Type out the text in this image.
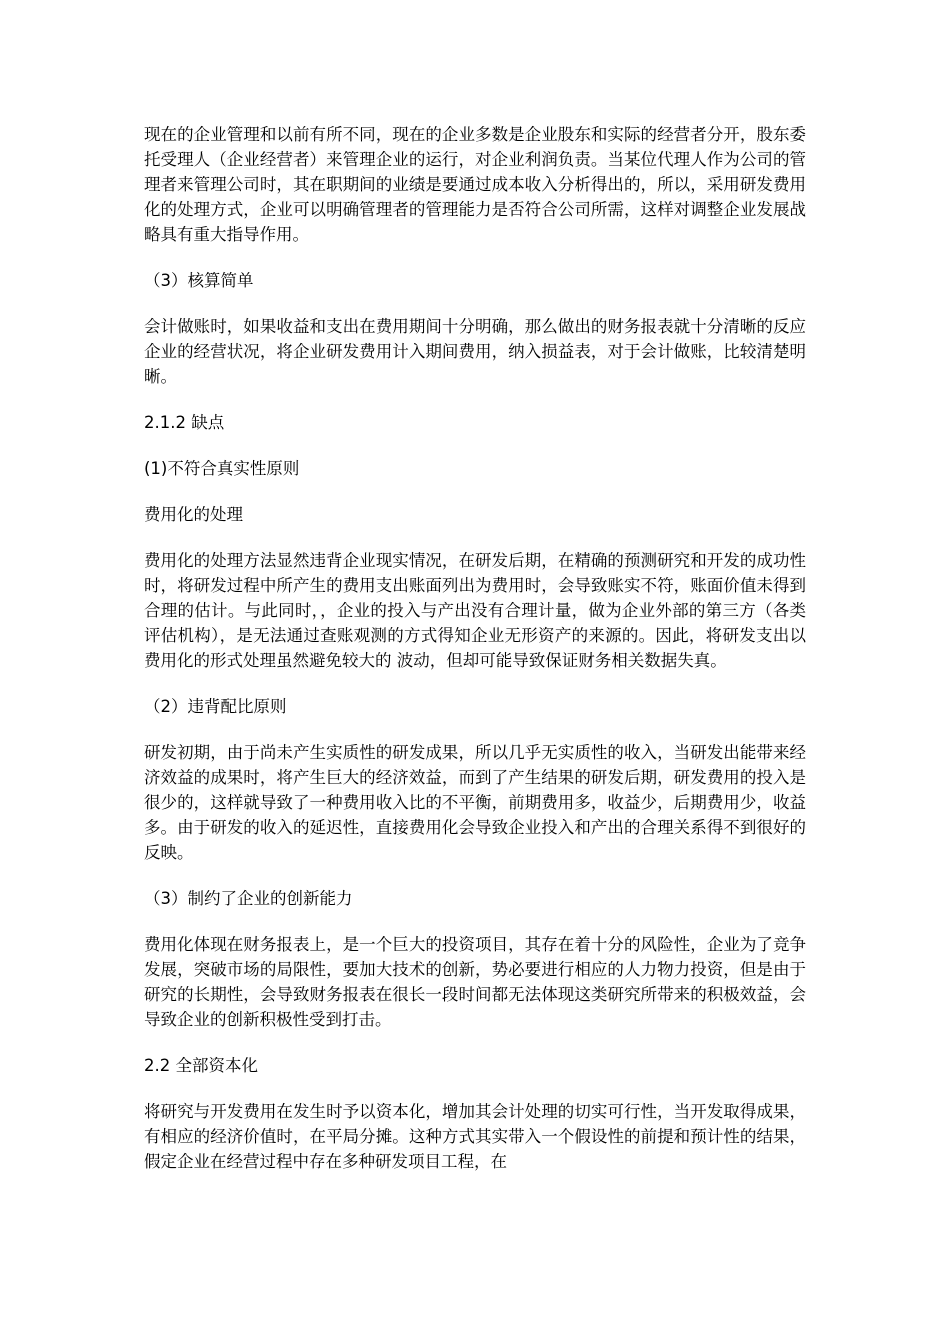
现在的企业管理和以前有所不同，现在的企业多数是企业股东和实际的经营者分开，股东委托受理人（企业经营者）来管理企业的运行，对企业利润负责。当某位代理人作为公司的管理者来管理公司时，其在职期间的业绩是要通过成本收入分析得出的，所以，采用研发费用化的处理方式，企业可以明确管理者的管理能力是否符合公司所需，这样对调整企业发展战略具有重大指导作用。

（3）核算简单

会计做账时，如果收益和支出在费用期间十分明确，那么做出的财务报表就十分清晰的反应企业的经营状况，将企业研发费用计入期间费用，纳入损益表，对于会计做账，比较清楚明晰。

2.1.2 缺点

(1)不符合真实性原则

费用化的处理

费用化的处理方法显然违背企业现实情况，在研发后期，在精确的预测研究和开发的成功性时，将研发过程中所产生的费用支出账面列出为费用时，会导致账实不符，账面价值未得到合理的估计。与此同时，，企业的投入与产出没有合理计量，做为企业外部的第三方（各类评估机构），是无法通过查账观测的方式得知企业无形资产的来源的。因此，将研发支出以费用化的形式处理虽然避免较大的 波动，但却可能导致保证财务相关数据失真。

（2）违背配比原则

研发初期，由于尚未产生实质性的研发成果，所以几乎无实质性的收入，当研发出能带来经济效益的成果时，将产生巨大的经济效益，而到了产生结果的研发后期，研发费用的投入是很少的，这样就导致了一种费用收入比的不平衡，前期费用多，收益少，后期费用少，收益多。由于研发的收入的延迟性，直接费用化会导致企业投入和产出的合理关系得不到很好的反映。

（3）制约了企业的创新能力

费用化体现在财务报表上，是一个巨大的投资项目，其存在着十分的风险性，企业为了竞争发展，突破市场的局限性，要加大技术的创新，势必要进行相应的人力物力投资，但是由于研究的长期性，会导致财务报表在很长一段时间都无法体现这类研究所带来的积极效益，会导致企业的创新积极性受到打击。

2.2 全部资本化

将研究与开发费用在发生时予以资本化，增加其会计处理的切实可行性，当开发取得成果，有相应的经济价值时，在平局分摊。这种方式其实带入一个假设性的前提和预计性的结果，假定企业在经营过程中存在多种研发项目工程，在
